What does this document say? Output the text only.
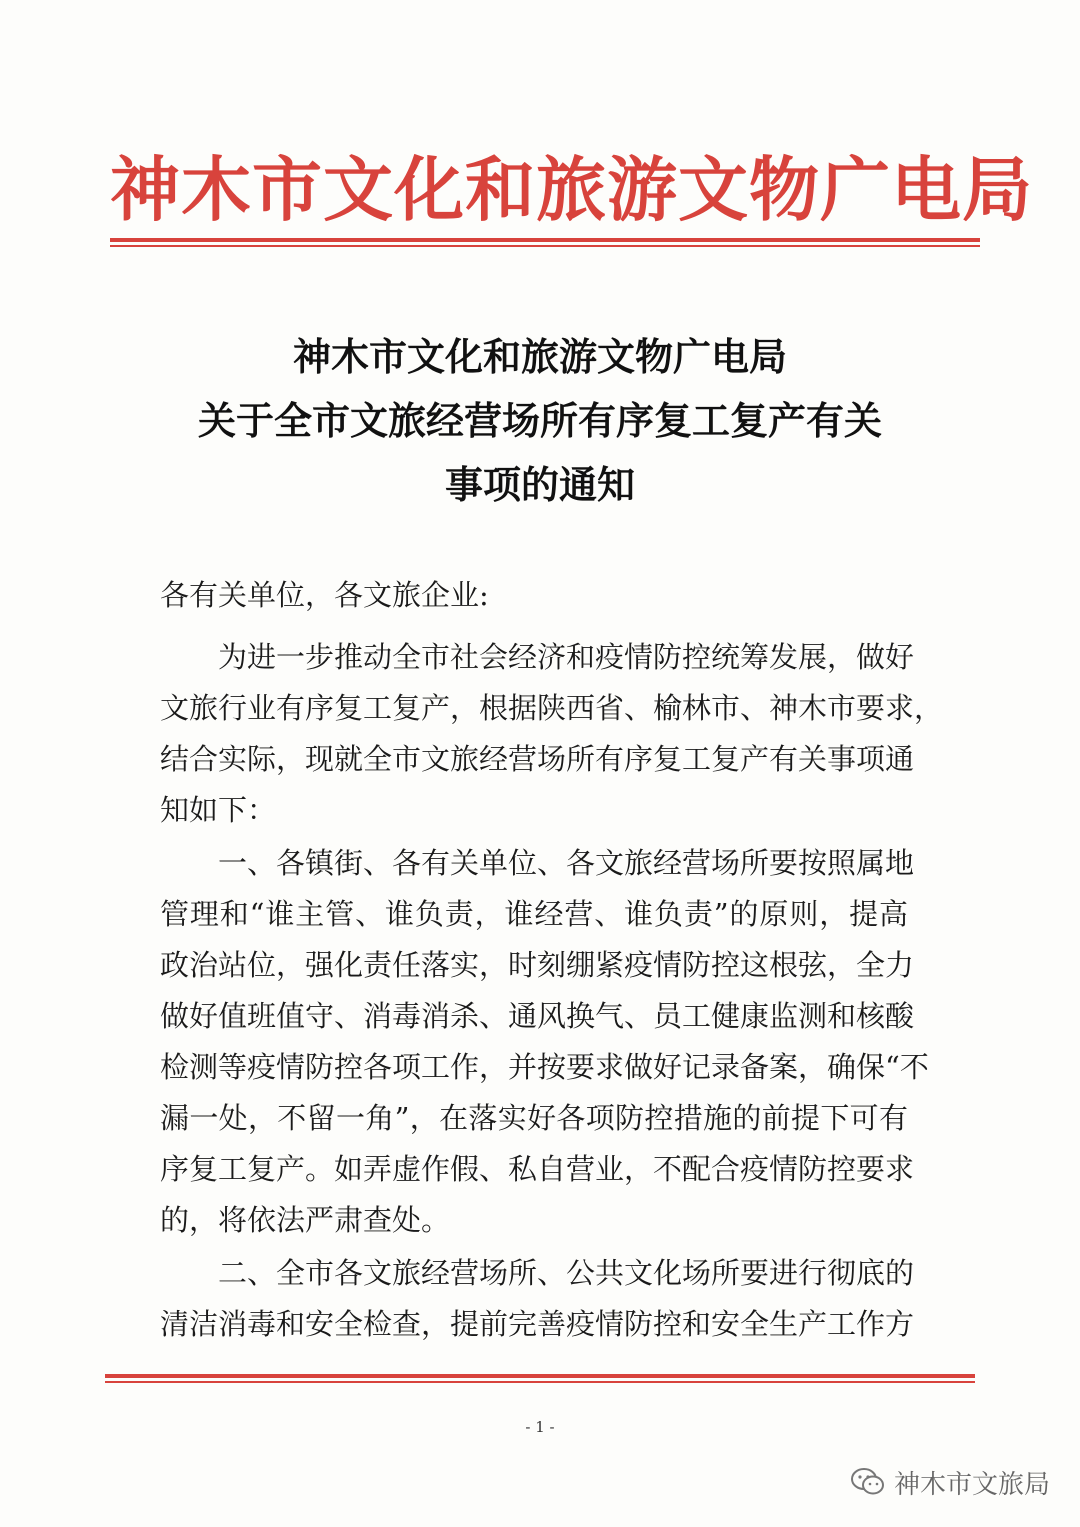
神木市文化和旅游文物广电局
神木市文化和旅游文物广电局
关于全市文旅经营场所有序复工复产有关
事项的通知
各有关单位，各文旅企业:
为进一步推动全市社会经济和疫情防控统筹发展，做好
文旅行业有序复工复产，根据陕西省、榆林市、神木市要求，
结合实际，现就全市文旅经营场所有序复工复产有关事项通
知如下：
一、各镇街、各有关单位、各文旅经营场所要按照属地
管理和“谁主管、谁负责，谁经营、谁负责”的原则，提高
政治站位，强化责任落实，时刻绷紧疫情防控这根弦，全力
做好值班值守、消毒消杀、通风换气、员工健康监测和核酸
检测等疫情防控各项工作，并按要求做好记录备案，确保“不
漏一处，不留一角”，在落实好各项防控措施的前提下可有
序复工复产。如弄虚作假、私自营业，不配合疫情防控要求
的，将依法严肃查处。
二、全市各文旅经营场所、公共文化场所要进行彻底的
清洁消毒和安全检查，提前完善疫情防控和安全生产工作方
- 1 -
神木市文旅局
